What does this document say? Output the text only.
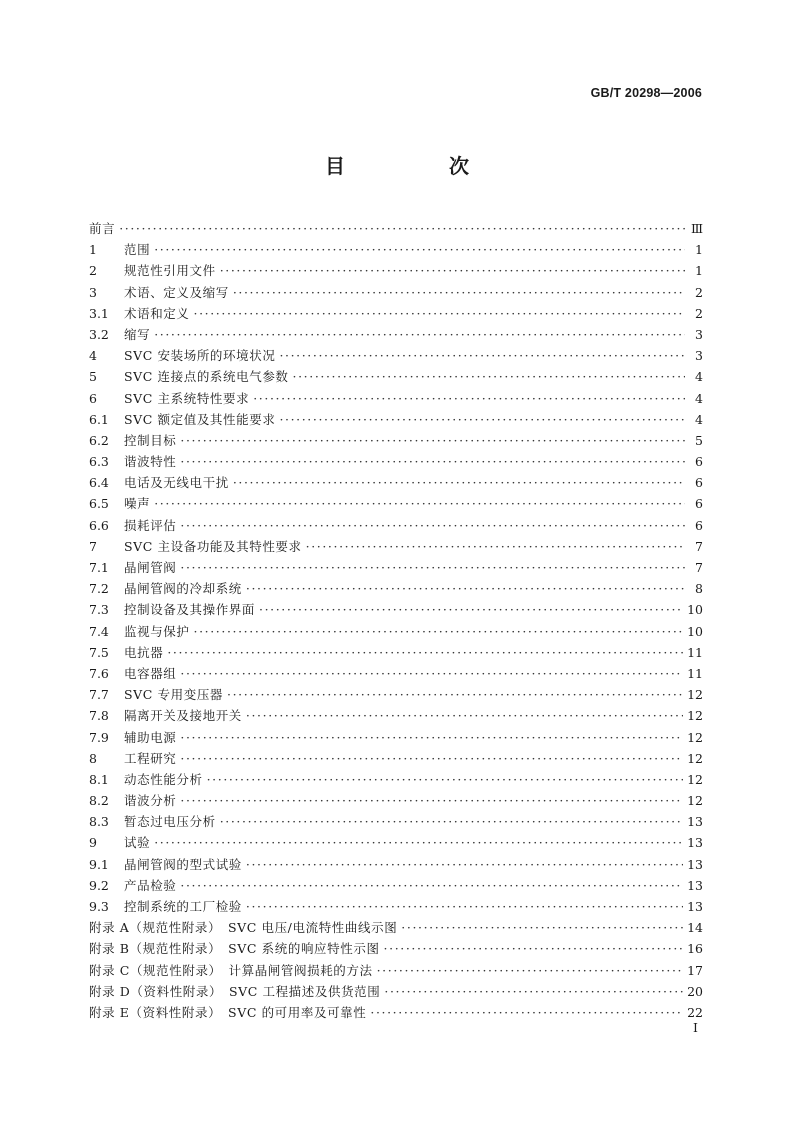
GB/T 20298—2006
目　次
前言 ·····	Ⅲ
1	范围 ·····	1
2	规范性引用文件 ·····	1
3	术语、定义及缩写 ·····	2
3.1	术语和定义 ·····	2
3.2	缩写 ·····	3
4	SVC 安装场所的环境状况 ·····	3
5	SVC 连接点的系统电气参数 ·····	4
6	SVC 主系统特性要求 ·····	4
6.1	SVC 额定值及其性能要求 ·····	4
6.2	控制目标 ·····	5
6.3	谐波特性 ·····	6
6.4	电话及无线电干扰 ·····	6
6.5	噪声 ·····	6
6.6	损耗评估 ·····	6
7	SVC 主设备功能及其特性要求 ·····	7
7.1	晶闸管阀 ·····	7
7.2	晶闸管阀的冷却系统 ·····	8
7.3	控制设备及其操作界面 ·····	10
7.4	监视与保护 ·····	10
7.5	电抗器 ·····	11
7.6	电容器组 ·····	11
7.7	SVC 专用变压器 ·····	12
7.8	隔离开关及接地开关 ·····	12
7.9	辅助电源 ·····	12
8	工程研究 ·····	12
8.1	动态性能分析 ·····	12
8.2	谐波分析 ·····	12
8.3	暂态过电压分析 ·····	13
9	试验 ·····	13
9.1	晶闸管阀的型式试验 ·····	13
9.2	产品检验 ·····	13
9.3	控制系统的工厂检验 ·····	13
附录 A（规范性附录）　SVC 电压/电流特性曲线示图 ·····	14
附录 B（规范性附录）　SVC 系统的响应特性示图 ·····	16
附录 C（规范性附录）　计算晶闸管阀损耗的方法 ·····	17
附录 D（资料性附录）　SVC 工程描述及供货范围 ·····	20
附录 E（资料性附录）　SVC 的可用率及可靠性 ·····	22
I
